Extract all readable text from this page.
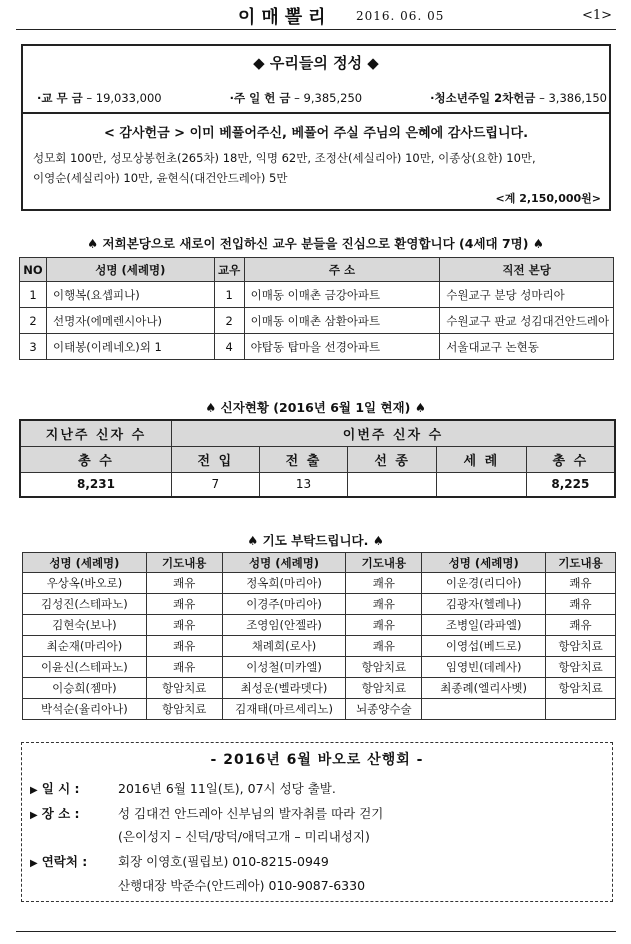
이매뽈리 2016. 06. 05	<1>
◆ 우리들의 정성 ◆
·교 무 금 – 19,033,000	·주 일 헌 금 – 9,385,250	·청소년주일 2차헌금 – 3,386,150
< 감사헌금 > 이미 베풀어주신, 베풀어 주실 주님의 은혜에 감사드립니다.
성모회 100만, 성모상봉헌초(265차) 18만, 익명 62만, 조정산(세실리아) 10만, 이종상(요한) 10만,
이영순(세실리아) 10만, 윤현식(대건안드레아) 5만
<계 2,150,000원>
♠ 저희본당으로 새로이 전입하신 교우 분들을 진심으로 환영합니다 (4세대 7명) ♠
NO	성명 (세례명)	교우	주 소	직전 본당
1	이행복(요셉피나)	1	이매동 이매촌 금강아파트	수원교구 분당 성마리아
2	선명자(에메렌시아나)	2	이매동 이매촌 삼환아파트	수원교구 판교 성김대건안드레아
3	이태봉(이레네오)외 1	4	야탑동 탑마을 선경아파트	서울대교구 논현동
♠ 신자현황 (2016년 6월 1일 현재) ♠
지난주 신자 수	이번주 신자 수				
총 수	전 입	전 출	선 종	세 례	총 수
8,231	7	13			8,225
♠ 기도 부탁드립니다. ♠
성명 (세례명)	기도내용	성명 (세례명)	기도내용	성명 (세례명)	기도내용
우상옥(바오로)	쾌유	정옥희(마리아)	쾌유	이운경(리디아)	쾌유
김성진(스테파노)	쾌유	이경주(마리아)	쾌유	김광자(헬레나)	쾌유
김현숙(보나)	쾌유	조영임(안젤라)	쾌유	조병일(라파엘)	쾌유
최순재(마리아)	쾌유	채례희(로사)	쾌유	이영섭(베드로)	항암치료
이윤신(스테파노)	쾌유	이성철(미카엘)	항암치료	임영빈(데레사)	항암치료
이승희(젬마)	항암치료	최성운(벨라뎃다)	항암치료	최종례(엘리사벳)	항암치료
박석순(율리아나)	항암치료	김재태(마르세리노)	뇌종양수술		
- 2016년 6월 바오로 산행회 -
▶ 일 시 :	2016년 6월 11일(토), 07시 성당 출발.
▶ 장 소 :	성 김대건 안드레아 신부님의 발자취를 따라 걷기
(은이성지 – 신덕/망덕/애덕고개 – 미리내성지)
▶ 연락처 :	회장 이영호(필립보) 010-8215-0949
산행대장 박준수(안드레아) 010-9087-6330
